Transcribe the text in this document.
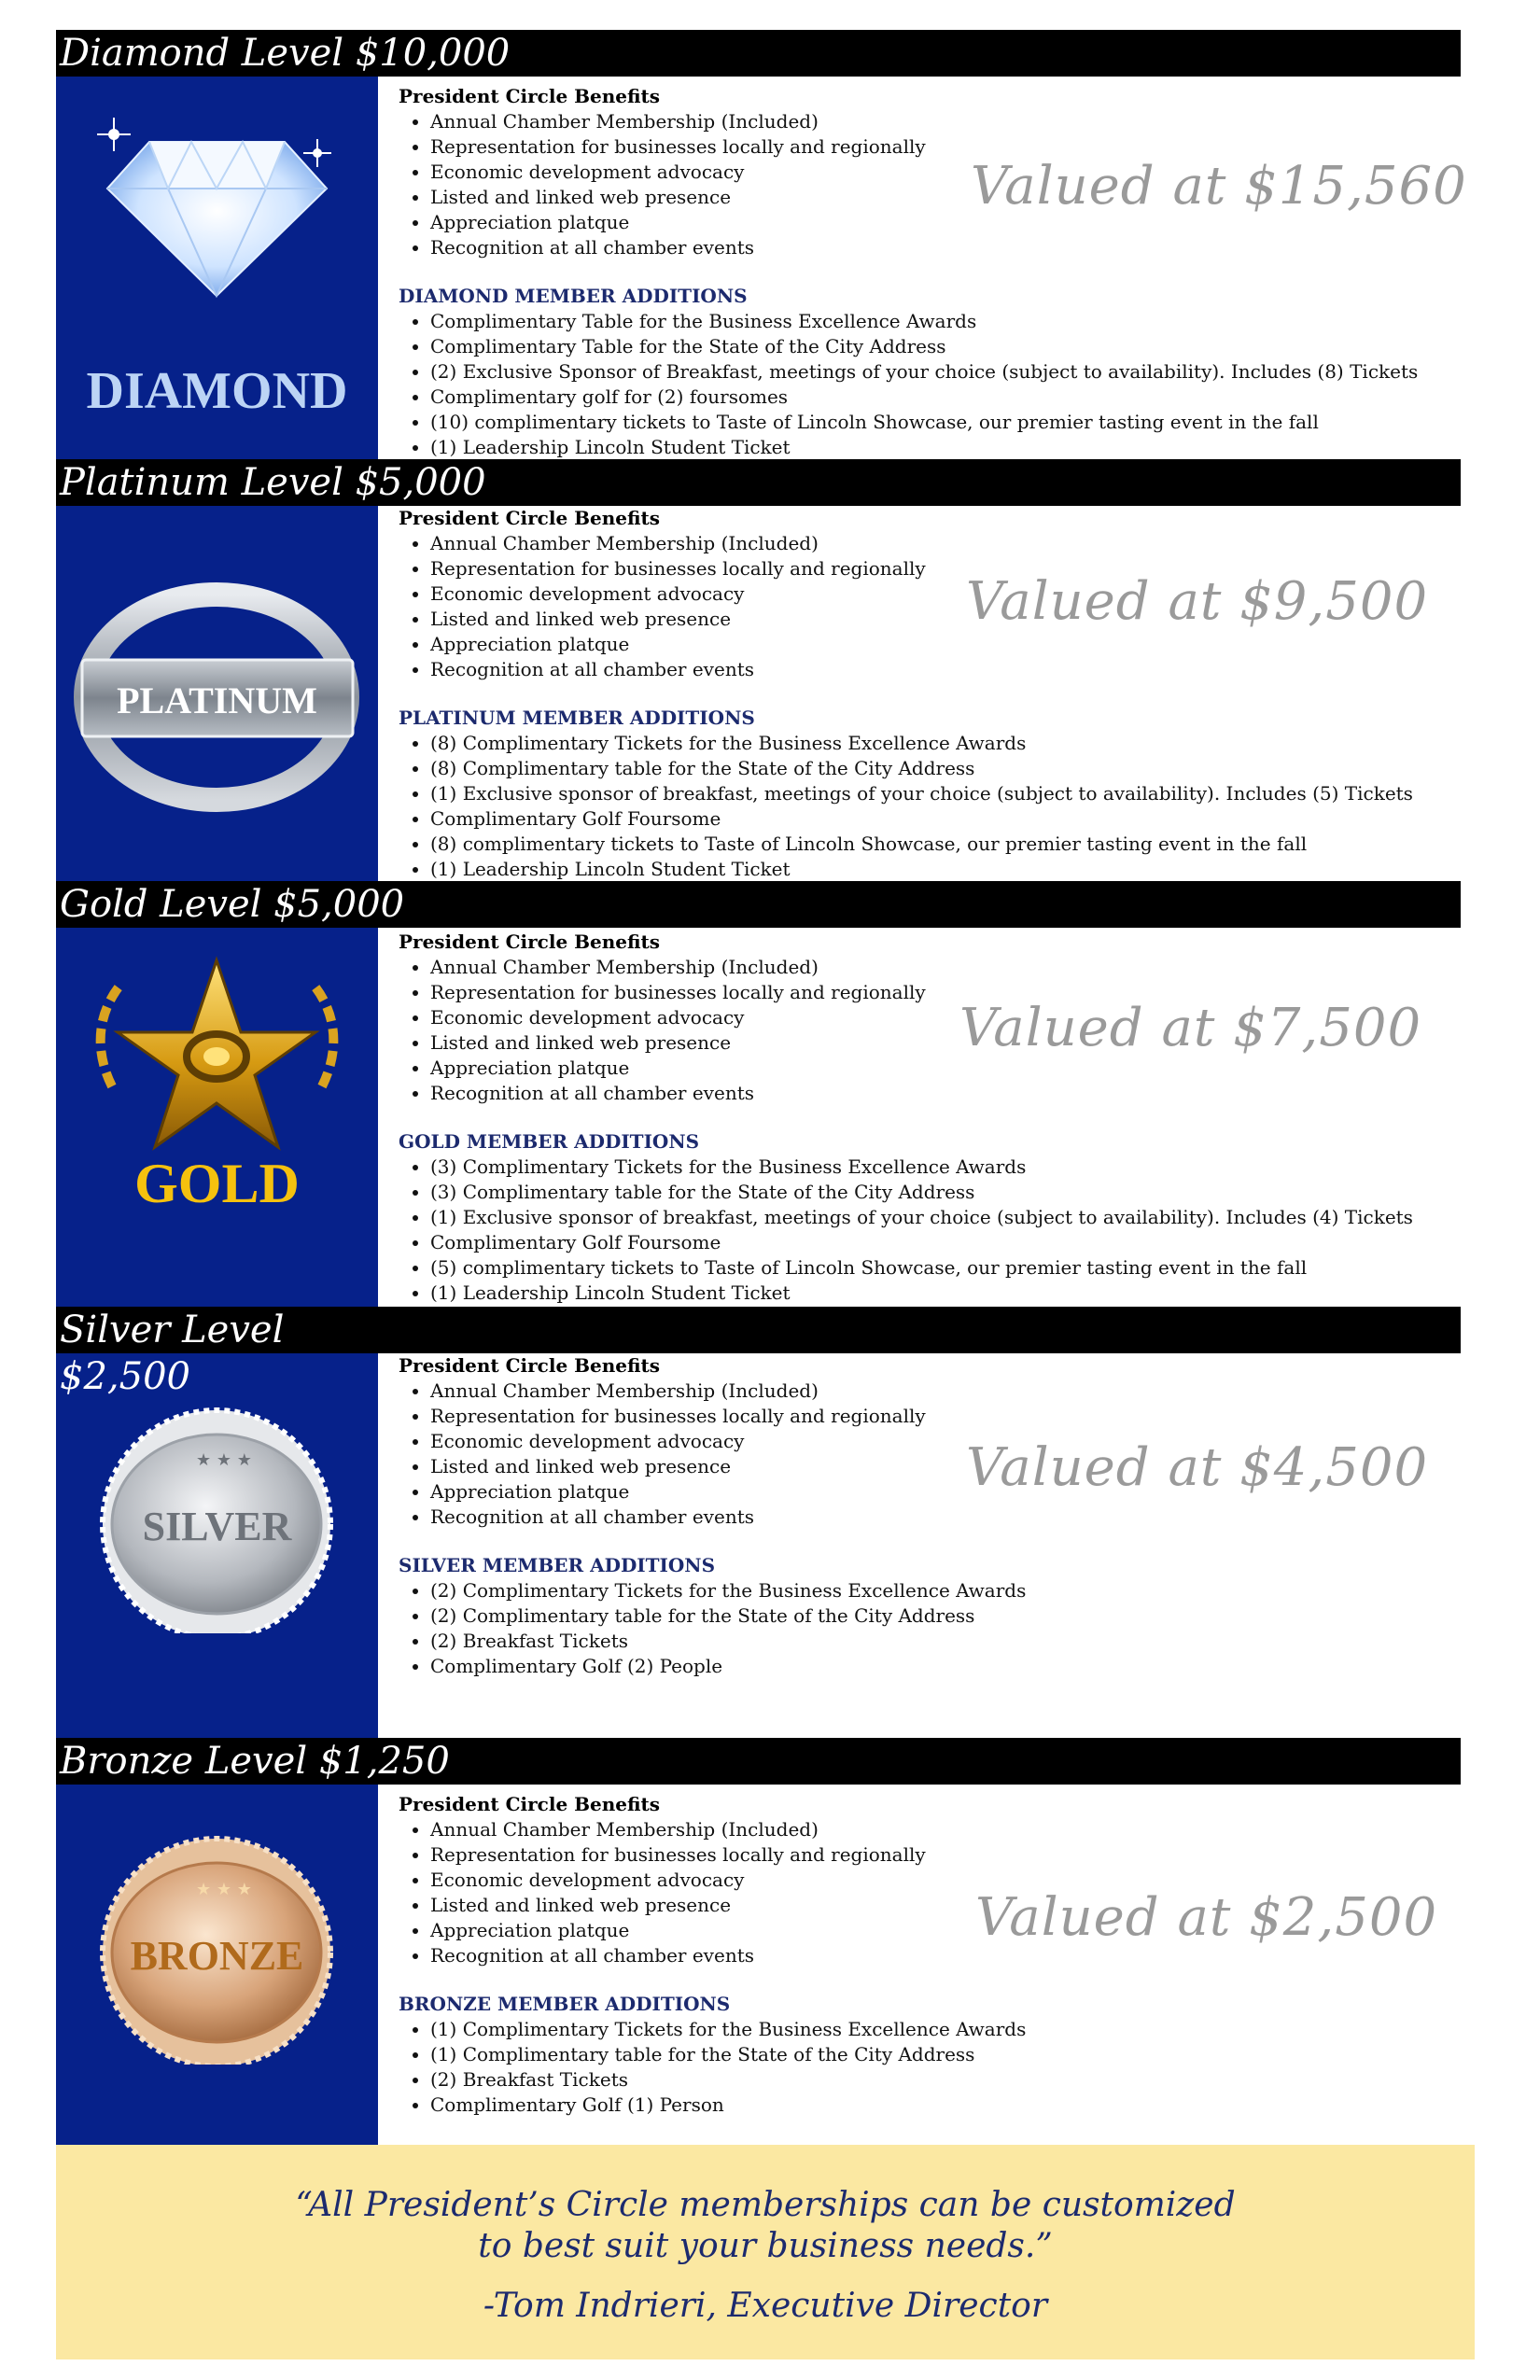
Diamond Level $10,000
DIAMOND
President Circle Benefits
• Annual Chamber Membership (Included)
• Representation for businesses locally and regionally
• Economic development advocacy
• Listed and linked web presence
• Appreciation platque
• Recognition at all chamber events
DIAMOND MEMBER ADDITIONS
• Complimentary Table for the Business Excellence Awards
• Complimentary Table for the State of the City Address
• (2) Exclusive Sponsor of Breakfast, meetings of your choice (subject to availability). Includes (8) Tickets
• Complimentary golf for (2) foursomes
• (10) complimentary tickets to Taste of Lincoln Showcase, our premier tasting event in the fall
• (1) Leadership Lincoln Student Ticket
Valued at $15,560
Platinum Level $5,000
PLATINUM
President Circle Benefits
• Annual Chamber Membership (Included)
• Representation for businesses locally and regionally
• Economic development advocacy
• Listed and linked web presence
• Appreciation platque
• Recognition at all chamber events
PLATINUM MEMBER ADDITIONS
• (8) Complimentary Tickets for the Business Excellence Awards
• (8) Complimentary table for the State of the City Address
• (1) Exclusive sponsor of breakfast, meetings of your choice (subject to availability). Includes (5) Tickets
• Complimentary Golf Foursome
• (8) complimentary tickets to Taste of Lincoln Showcase, our premier tasting event in the fall
• (1) Leadership Lincoln Student Ticket
Valued at $9,500
Gold Level $5,000
GOLD
President Circle Benefits
• Annual Chamber Membership (Included)
• Representation for businesses locally and regionally
• Economic development advocacy
• Listed and linked web presence
• Appreciation platque
• Recognition at all chamber events
GOLD MEMBER ADDITIONS
• (3) Complimentary Tickets for the Business Excellence Awards
• (3) Complimentary table for the State of the City Address
• (1) Exclusive sponsor of breakfast, meetings of your choice (subject to availability). Includes (4) Tickets
• Complimentary Golf Foursome
• (5) complimentary tickets to Taste of Lincoln Showcase, our premier tasting event in the fall
• (1) Leadership Lincoln Student Ticket
Valued at $7,500
★ ★ ★
SILVER
Silver Level
$2,500	President Circle Benefits
• Annual Chamber Membership (Included)
• Representation for businesses locally and regionally
• Economic development advocacy
• Listed and linked web presence
• Appreciation platque
• Recognition at all chamber events
SILVER MEMBER ADDITIONS
• (2) Complimentary Tickets for the Business Excellence Awards
• (2) Complimentary table for the State of the City Address
• (2) Breakfast Tickets
• Complimentary Golf (2) People
Valued at $4,500
Bronze Level $1,250
★ ★ ★
BRONZE
President Circle Benefits
• Annual Chamber Membership (Included)
• Representation for businesses locally and regionally
• Economic development advocacy
• Listed and linked web presence
• Appreciation platque
• Recognition at all chamber events
BRONZE MEMBER ADDITIONS
• (1) Complimentary Tickets for the Business Excellence Awards
• (1) Complimentary table for the State of the City Address
• (2) Breakfast Tickets
• Complimentary Golf (1) Person
Valued at $2,500
“All President’s Circle memberships can be customized
to best suit your business needs.”
-Tom Indrieri, Executive Director
